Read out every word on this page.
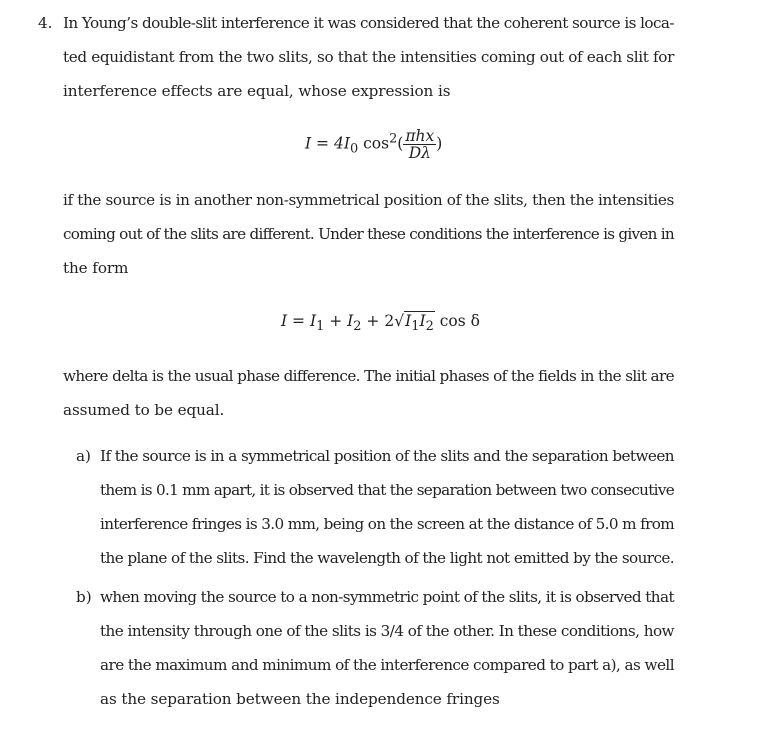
4. In Young’s double-slit interference it was considered that the coherent source is loca-
ted equidistant from the two slits, so that the intensities coming out of each slit for
interference effects are equal, whose expression is
$I = 4I_0$ $\cos^2( \frac{\text{πhx}}{D\lambda}$ )
if the source is in another non-symmetrical position of the slits, then the intensities
coming out of the slits are different. Under these conditions the interference is given in
the form
$I = I_1 + I_2 + 2√I_1I_2$ cos δ
where delta is the usual phase difference. The initial phases of the fields in the slit are
assumed to be equal.
a) If the source is in a symmetrical position of the slits and the separation between
them is 0.1 mm apart, it is observed that the separation between two consecutive
interference fringes is 3.0 mm, being on the screen at the distance of 5.0 m from
the plane of the slits. Find the wavelength of the light not emitted by the source.
b) when moving the source to a non-symmetric point of the slits, it is observed that
the intensity through one of the slits is 3/4 of the other. In these conditions, how
are the maximum and minimum of the interference compared to part a), as well
as the separation between the independence fringes
